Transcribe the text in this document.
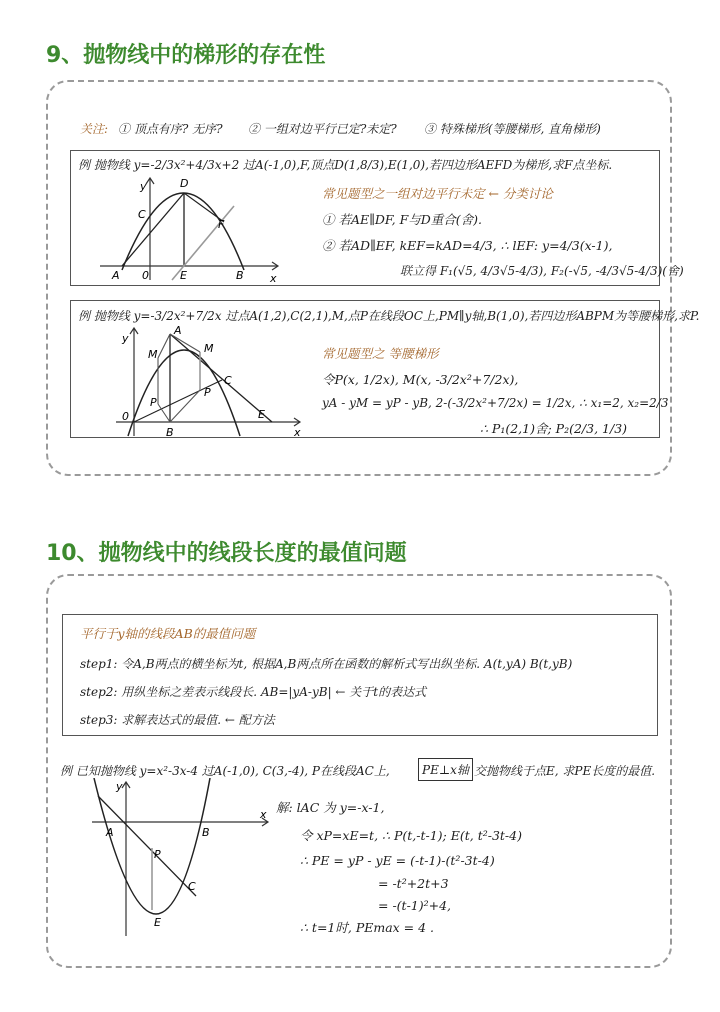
9、抛物线中的梯形的存在性
关注: ① 顶点有序? 无序? ② 一组对边平行已定?未定? ③ 特殊梯形(等腰梯形, 直角梯形)
例 抛物线 y=-2/3x²+4/3x+2 过A(-1,0),F,顶点D(1,8/3),E(1,0),若四边形AEFD为梯形,求F点坐标.
y
x
A 0	E	B
C
D
F
常见题型之一组对边平行未定 ← 分类讨论
① 若AE∥DF, F与D重合(舍).
② 若AD∥EF, kEF=kAD=4/3, ∴ lEF: y=4/3(x-1),
联立得 F₁(√5, 4/3√5-4/3), F₂(-√5, -4/3√5-4/3)(舍)
例 抛物线 y=-3/2x²+7/2x 过点A(1,2),C(2,1),M,点P在线段OC上,PM∥y轴,B(1,0),若四边形ABPM为等腰梯形,求P.
y
x
A
M	M
C
P
P
0
B
E
常见题型之 等腰梯形
令P(x, 1/2x), M(x, -3/2x²+7/2x),
yA - yM = yP - yB, 2-(-3/2x²+7/2x) = 1/2x, ∴ x₁=2, x₂=2/3
∴ P₁(2,1)舍; P₂(2/3, 1/3)
10、抛物线中的线段长度的最值问题
平行于y轴的线段AB的最值问题
step1: 令A,B两点的横坐标为t, 根据A,B两点所在函数的解析式写出纵坐标. A(t,yA) B(t,yB)
step2: 用纵坐标之差表示线段长. AB=|yA-yB| ← 关于t的表达式
step3: 求解表达式的最值. ← 配方法
例 已知抛物线 y=x²-3x-4 过A(-1,0), C(3,-4), P在线段AC上,	PE⊥x轴 交抛物线于点E, 求PE长度的最值.
y
x
A	B
P
C
E
解: lAC 为 y=-x-1,
令 xP=xE=t, ∴ P(t,-t-1); E(t, t²-3t-4)
∴ PE = yP - yE = (-t-1)-(t²-3t-4)
= -t²+2t+3
= -(t-1)²+4,
∴ t=1时, PEmax = 4 .
